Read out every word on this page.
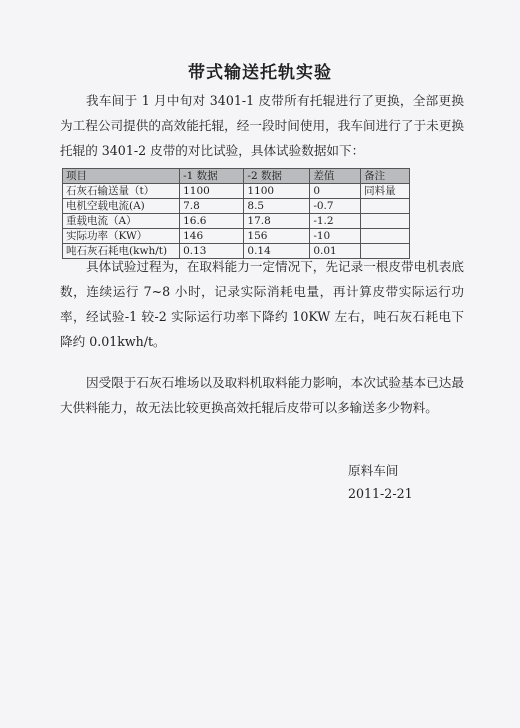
带式输送托轨实验
我车间于 1 月中旬对 3401-1 皮带所有托辊进行了更换，全部更换为工程公司提供的高效能托辊，经一段时间使用，我车间进行了于未更换托辊的 3401-2 皮带的对比试验，具体试验数据如下：
项目	-1 数据	-2 数据	差值	备注
石灰石输送量（t）	1100	1100	0	同料量
电机空载电流(A)	7.8	8.5	-0.7	
重载电流（A）	16.6	17.8	-1.2	
实际功率（KW）	146	156	-10	
吨石灰石耗电(kwh/t)	0.13	0.14	0.01	
具体试验过程为，在取料能力一定情况下，先记录一根皮带电机表底数，连续运行 7~8 小时，记录实际消耗电量，再计算皮带实际运行功率，经试验-1 较-2 实际运行功率下降约 10KW 左右，吨石灰石耗电下降约 0.01kwh/t。
因受限于石灰石堆场以及取料机取料能力影响，本次试验基本已达最大供料能力，故无法比较更换高效托辊后皮带可以多输送多少物料。
原料车间
2011-2-21
